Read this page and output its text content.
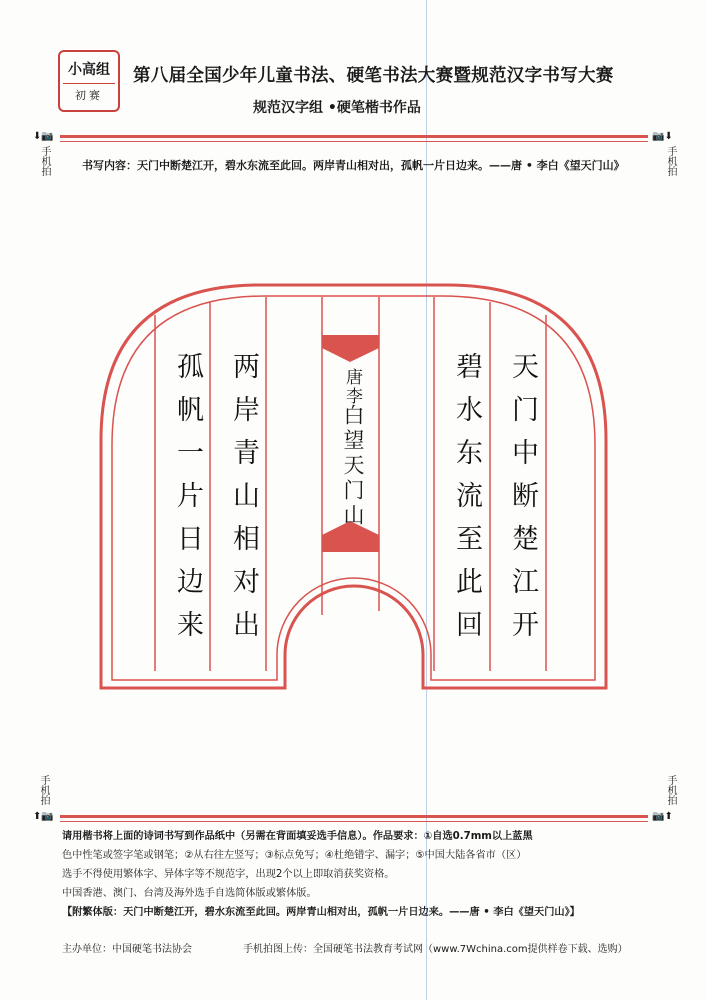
小高组
初赛
第八届全国少年儿童书法、硬笔书法大赛暨规范汉字书写大赛
规范汉字组 •硬笔楷书作品
⬇📷
手机拍
📷⬇
手机拍
书写内容：天门中断楚江开，碧水东流至此回。两岸青山相对出，孤帆一片日边来。——唐 • 李白《望天门山》
天门中断楚江开
碧水东流至此回
两岸青山相对出
孤帆一片日边来	唐李
白望天门山
手机拍
⬆📷
手机拍
📷⬆

请用楷书将上面的诗词书写到作品纸中（另需在背面填妥选手信息）。作品要求：①自选0.7mm以上蓝黑

色中性笔或签字笔或钢笔；②从右往左竖写；③标点免写；④杜绝错字、漏字；⑤中国大陆各省市（区）

选手不得使用繁体字、异体字等不规范字，出现2个以上即取消获奖资格。

中国香港、澳门、台湾及海外选手自选简体版或繁体版。

【附繁体版：天门中断楚江开，碧水东流至此回。两岸青山相对出，孤帆一片日边来。——唐 • 李白《望天门山》】

主办单位：中国硬笔书法协会	手机拍图上传：全国硬笔书法教育考试网（www.7Wchina.com提供样卷下载、选购）
